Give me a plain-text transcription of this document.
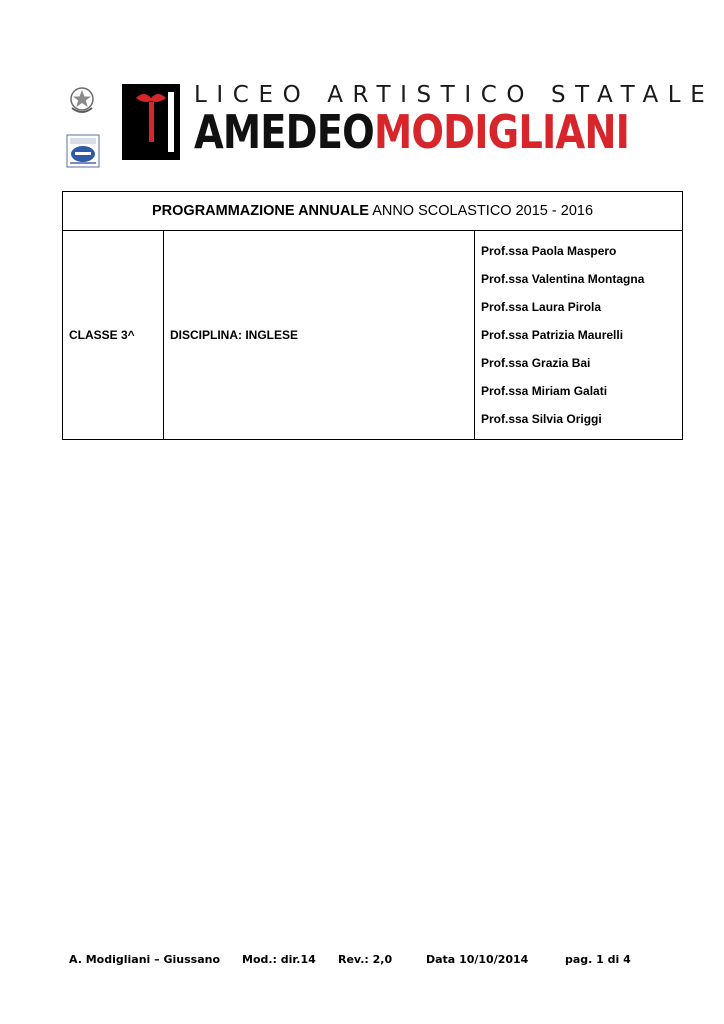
LICEO ARTISTICO STATALE
AMEDEOMODIGLIANI
PROGRAMMAZIONE ANNUALE ANNO SCOLASTICO 2015 - 2016
CLASSE 3^	DISCIPLINA: INGLESE	
Prof.ssa Paola Maspero
Prof.ssa Valentina Montagna
Prof.ssa Laura Pirola
Prof.ssa Patrizia Maurelli
Prof.ssa Grazia Bai
Prof.ssa Miriam Galati
Prof.ssa Silvia Origgi
A. Modigliani – Giussano Mod.: dir.14 Rev.: 2,0	Data 10/10/2014	pag. 1 di 4
